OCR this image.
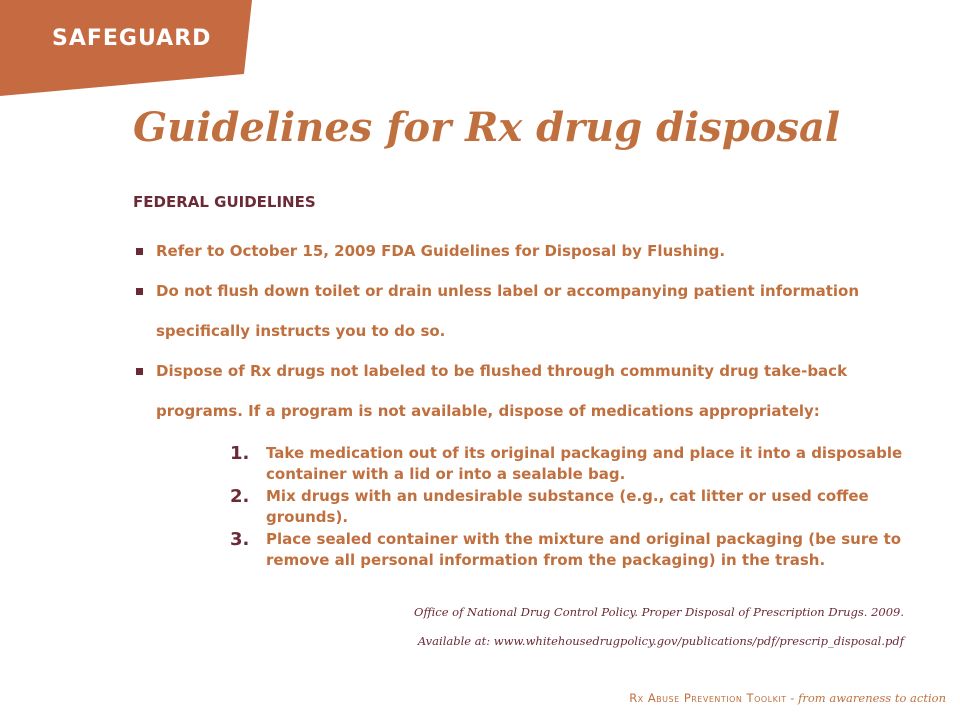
SAFEGUARD
Guidelines for Rx drug disposal
FEDERAL GUIDELINES
Refer to October 15, 2009 FDA Guidelines for Disposal by Flushing.
Do not flush down toilet or drain unless label or accompanying patient information specifically instructs you to do so.
Dispose of Rx drugs not labeled to be flushed through community drug take-back programs. If a program is not available, dispose of medications appropriately:
1. Take medication out of its original packaging and place it into a disposable container with a lid or into a sealable bag.
2. Mix drugs with an undesirable substance (e.g., cat litter or used coffee grounds).
3. Place sealed container with the mixture and original packaging (be sure to remove all personal information from the packaging) in the trash.
Office of National Drug Control Policy. Proper Disposal of Prescription Drugs. 2009.
Available at: www.whitehousedrugpolicy.gov/publications/pdf/prescrip_disposal.pdf
Rx Abuse Prevention Toolkit - from awareness to action
